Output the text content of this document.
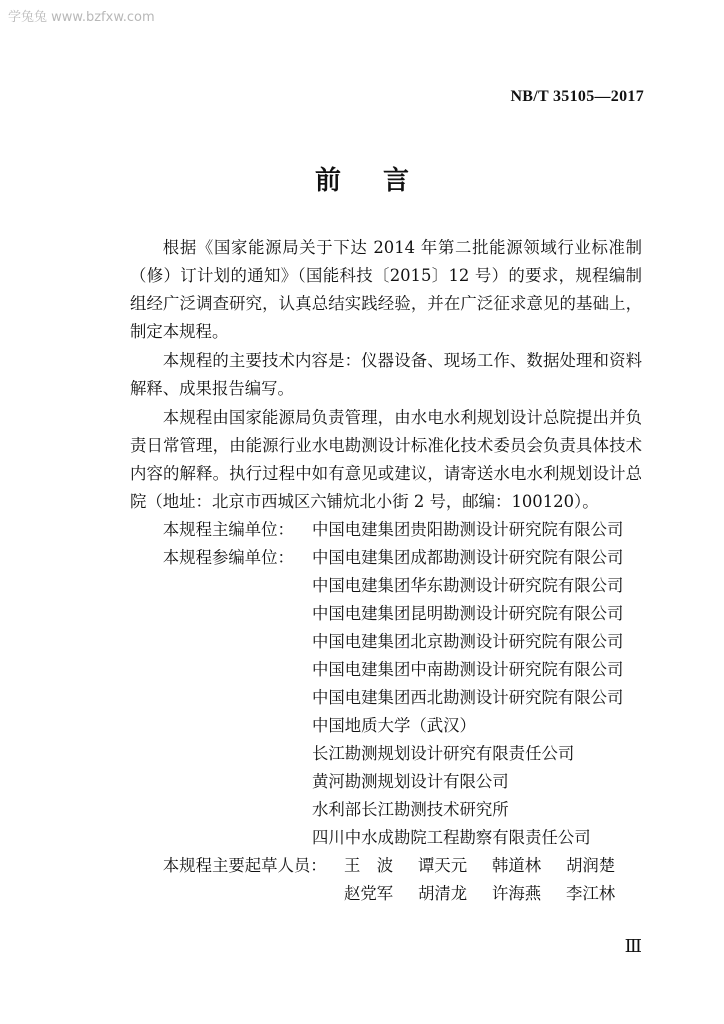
学兔兔 www.bzfxw.com
NB/T 35105—2017
前言

根据《国家能源局关于下达 2014 年第二批能源领域行业标准制（修）订计划的通知》（国能科技〔2015〕12 号）的要求，规程编制组经广泛调查研究，认真总结实践经验，并在广泛征求意见的基础上，制定本规程。

本规程的主要技术内容是：仪器设备、现场工作、数据处理和资料解释、成果报告编写。

本规程由国家能源局负责管理，由水电水利规划设计总院提出并负责日常管理，由能源行业水电勘测设计标准化技术委员会负责具体技术内容的解释。执行过程中如有意见或建议，请寄送水电水利规划设计总院（地址：北京市西城区六铺炕北小街 2 号，邮编：100120）。

本规程主编单位：	中国电建集团贵阳勘测设计研究院有限公司
本规程参编单位：	中国电建集团成都勘测设计研究院有限公司
中国电建集团华东勘测设计研究院有限公司
中国电建集团昆明勘测设计研究院有限公司
中国电建集团北京勘测设计研究院有限公司
中国电建集团中南勘测设计研究院有限公司
中国电建集团西北勘测设计研究院有限公司
中国地质大学（武汉）
长江勘测规划设计研究有限责任公司
黄河勘测规划设计有限公司
水利部长江勘测技术研究所
四川中水成勘院工程勘察有限责任公司
本规程主要起草人员：	王　波	谭天元	韩道林	胡润楚
赵党军	胡清龙	许海燕	李江林
Ⅲ
